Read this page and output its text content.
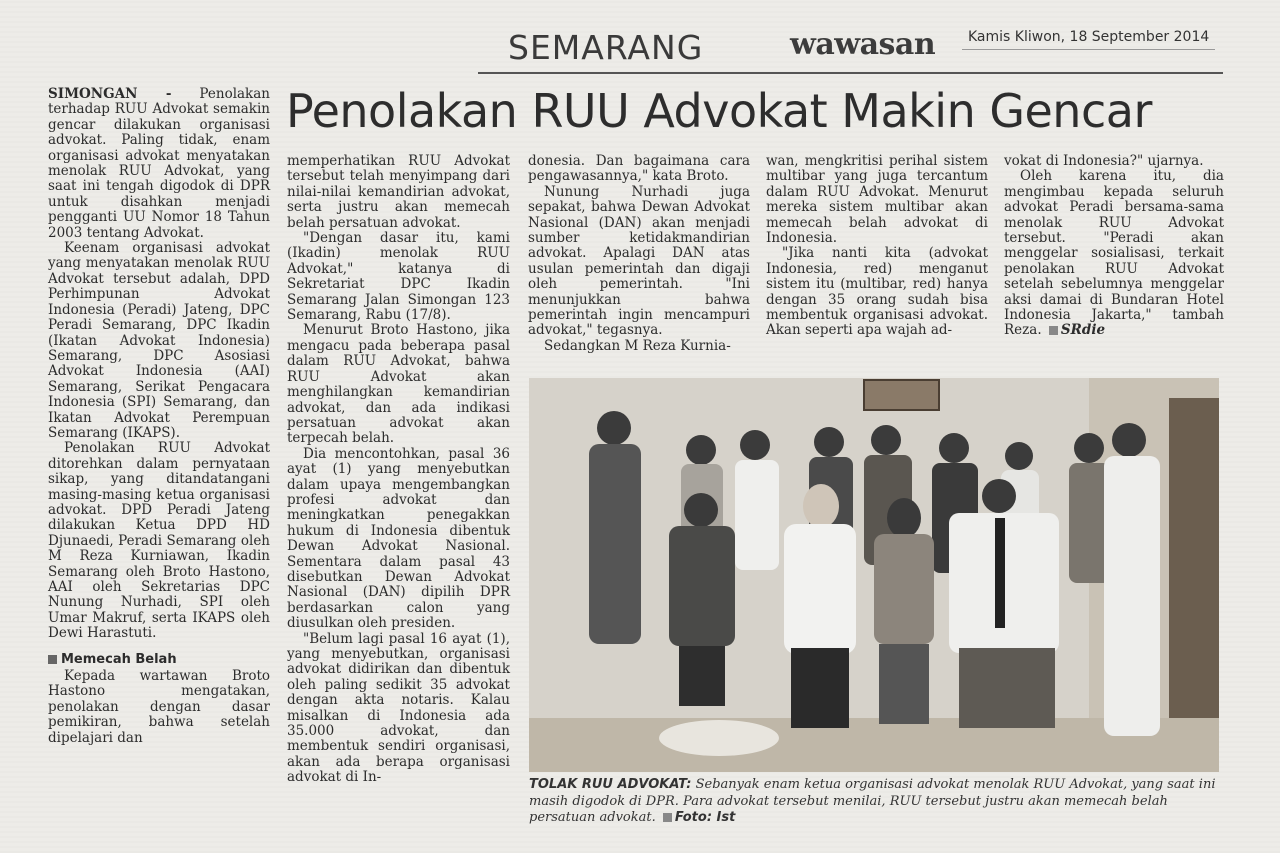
SEMARANG	wawasan	Kamis Kliwon, 18 September 2014
Penolakan RUU Advokat Makin Gencar

SIMONGAN - Penolakan terhadap RUU Advokat semakin gencar dilakukan organisasi advokat. Paling tidak, enam organisasi advokat menyatakan menolak RUU Advokat, yang saat ini tengah digodok di DPR untuk disahkan menjadi pengganti UU Nomor 18 Tahun 2003 tentang Advokat.

Keenam organisasi advokat yang menyatakan menolak RUU Advokat tersebut adalah, DPD Perhimpunan Advokat Indonesia (Peradi) Jateng, DPC Peradi Semarang, DPC Ikadin (Ikatan Advokat Indonesia) Semarang, DPC Asosiasi Advokat Indonesia (AAI) Semarang, Serikat Pengacara Indonesia (SPI) Semarang, dan Ikatan Advokat Perempuan Semarang (IKAPS).

Penolakan RUU Advokat ditorehkan dalam pernyataan sikap, yang ditandatangani masing-masing ketua organisasi advokat. DPD Peradi Jateng dilakukan Ketua DPD HD Djunaedi, Peradi Semarang oleh M Reza Kurniawan, Ikadin Semarang oleh Broto Hastono, AAI oleh Sekretarias DPC Nunung Nurhadi, SPI oleh Umar Makruf, serta IKAPS oleh Dewi Harastuti.

Memecah Belah

Kepada wartawan Broto Hastono mengatakan, penolakan dengan dasar pemikiran, bahwa setelah dipelajari dan

memperhatikan RUU Advokat tersebut telah menyimpang dari nilai-nilai kemandirian advokat, serta justru akan memecah belah persatuan advokat.

"Dengan dasar itu, kami (Ikadin) menolak RUU Advokat," katanya di Sekretariat DPC Ikadin Semarang Jalan Simongan 123 Semarang, Rabu (17/8).

Menurut Broto Hastono, jika mengacu pada beberapa pasal dalam RUU Advokat, bahwa RUU Advokat akan menghilangkan kemandirian advokat, dan ada indikasi persatuan advokat akan terpecah belah.

Dia mencontohkan, pasal 36 ayat (1) yang menyebutkan dalam upaya mengembangkan profesi advokat dan meningkatkan penegakkan hukum di Indonesia dibentuk Dewan Advokat Nasional. Sementara dalam pasal 43 disebutkan Dewan Advokat Nasional (DAN) dipilih DPR berdasarkan calon yang diusulkan oleh presiden.

"Belum lagi pasal 16 ayat (1), yang menyebutkan, organisasi advokat didirikan dan dibentuk oleh paling sedikit 35 advokat dengan akta notaris. Kalau misalkan di Indonesia ada 35.000 advokat, dan membentuk sendiri organisasi, akan ada berapa organisasi advokat di In-

donesia. Dan bagaimana cara pengawasannya," kata Broto.

Nunung Nurhadi juga sepakat, bahwa Dewan Advokat Nasional (DAN) akan menjadi sumber ketidakmandirian advokat. Apalagi DAN atas usulan pemerintah dan digaji oleh pemerintah. "Ini menunjukkan bahwa pemerintah ingin mencampuri advokat," tegasnya.

Sedangkan M Reza Kurnia-

wan, mengkritisi perihal sistem multibar yang juga tercantum dalam RUU Advokat. Menurut mereka sistem multibar akan memecah belah advokat di Indonesia.

"Jika nanti kita (advokat Indonesia, red) menganut sistem itu (multibar, red) hanya dengan 35 orang sudah bisa membentuk organisasi advokat. Akan seperti apa wajah ad-

vokat di Indonesia?" ujarnya.

Oleh karena itu, dia mengimbau kepada seluruh advokat Peradi bersama-sama menolak RUU Advokat tersebut. "Peradi akan menggelar sosialisasi, terkait penolakan RUU Advokat setelah sebelumnya menggelar aksi damai di Bundaran Hotel Indonesia Jakarta," tambah Reza. SRdie

TOLAK RUU ADVOKAT: Sebanyak enam ketua organisasi advokat menolak RUU Advokat, yang saat ini masih digodok di DPR. Para advokat tersebut menilai, RUU tersebut justru akan memecah belah persatuan advokat. Foto: Ist
